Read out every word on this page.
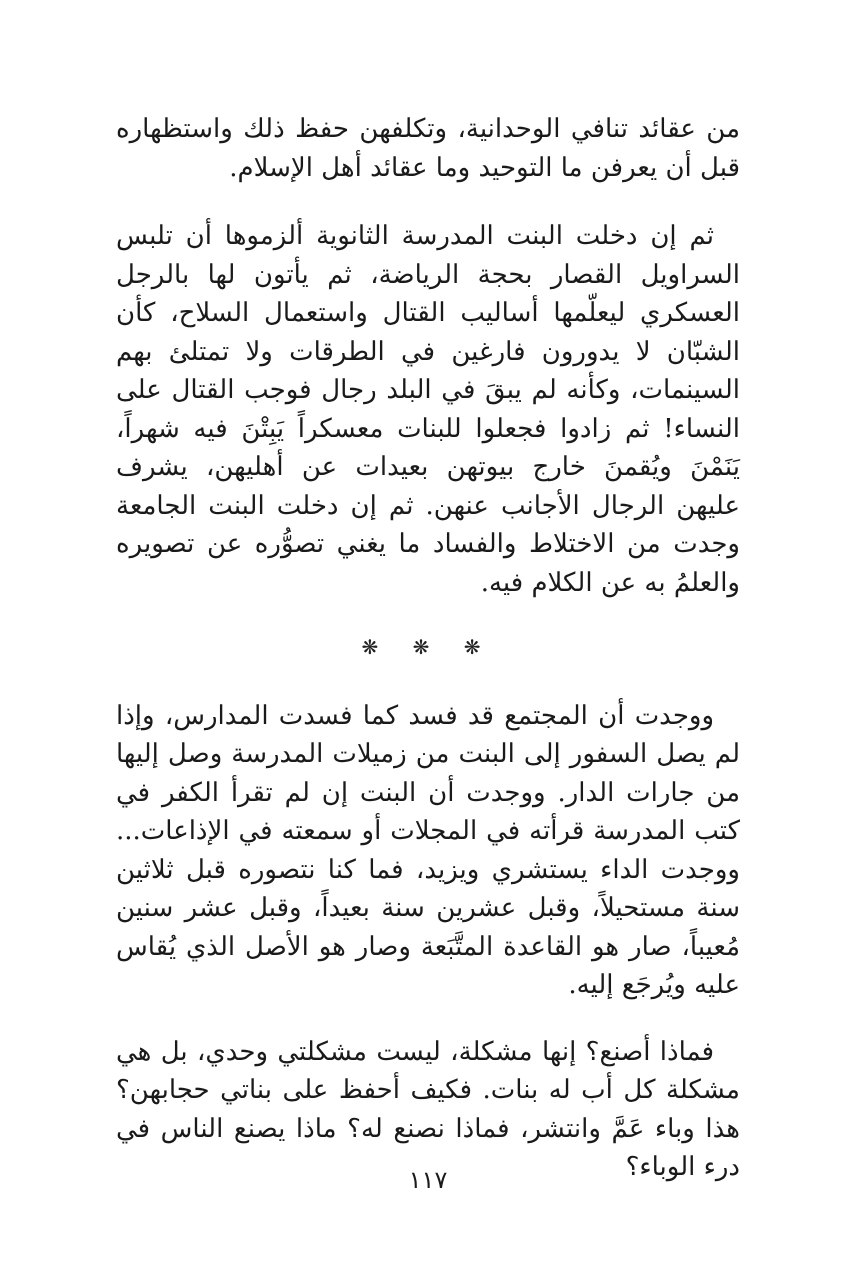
من عقائد تنافي الوحدانية، وتكلفهن حفظ ذلك واستظهاره قبل أن يعرفن ما التوحيد وما عقائد أهل الإسلام.

ثم إن دخلت البنت المدرسة الثانوية ألزموها أن تلبس السراويل القصار بحجة الرياضة، ثم يأتون لها بالرجل العسكري ليعلّمها أساليب القتال واستعمال السلاح، كأن الشبّان لا يدورون فارغين في الطرقات ولا تمتلئ بهم السينمات، وكأنه لم يبقَ في البلد رجال فوجب القتال على النساء! ثم زادوا فجعلوا للبنات معسكراً يَبِتْنَ فيه شهراً، يَنَمْنَ ويُقمنَ خارج بيوتهن بعيدات عن أهليهن، يشرف عليهن الرجال الأجانب عنهن. ثم إن دخلت البنت الجامعة وجدت من الاختلاط والفساد ما يغني تصوُّره عن تصويره والعلمُ به عن الكلام فيه.

❋ ❋ ❋

ووجدت أن المجتمع قد فسد كما فسدت المدارس، وإذا لم يصل السفور إلى البنت من زميلات المدرسة وصل إليها من جارات الدار. ووجدت أن البنت إن لم تقرأ الكفر في كتب المدرسة قرأته في المجلات أو سمعته في الإذاعات... ووجدت الداء يستشري ويزيد، فما كنا نتصوره قبل ثلاثين سنة مستحيلاً، وقبل عشرين سنة بعيداً، وقبل عشر سنين مُعيباً، صار هو القاعدة المتَّبَعة وصار هو الأصل الذي يُقاس عليه ويُرجَع إليه.

فماذا أصنع؟ إنها مشكلة، ليست مشكلتي وحدي، بل هي مشكلة كل أب له بنات. فكيف أحفظ على بناتي حجابهن؟ هذا وباء عَمَّ وانتشر، فماذا نصنع له؟ ماذا يصنع الناس في درء الوباء؟

١١٧
